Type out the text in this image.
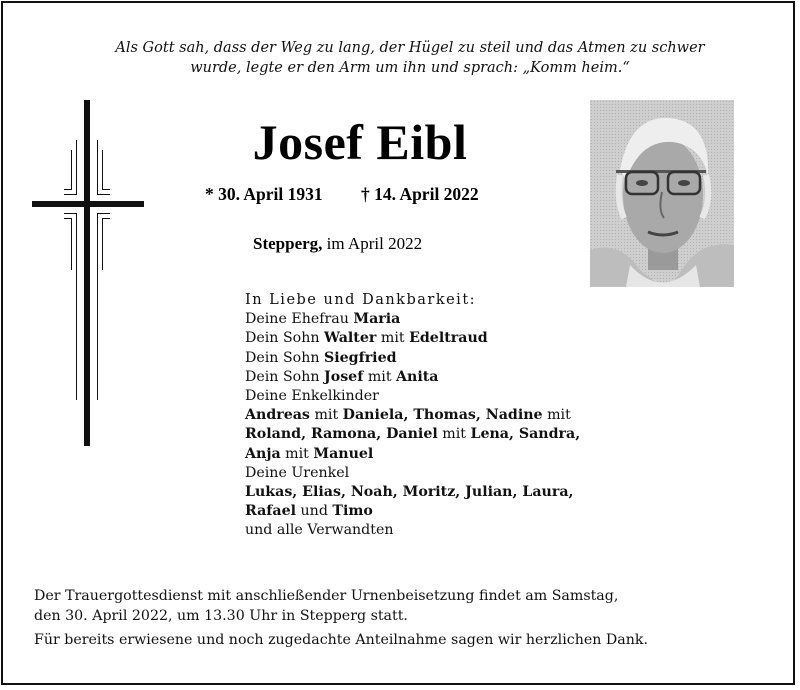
Als Gott sah, dass der Weg zu lang, der Hügel zu steil und das Atmen zu schwer
wurde, legte er den Arm um ihn und sprach: „Komm heim.“
Josef Eibl
* 30. April 1931 † 14. April 2022
Stepperg, im April 2022
In Liebe und Dankbarkeit:
Deine Ehefrau Maria
Dein Sohn Walter mit Edeltraud
Dein Sohn Siegfried
Dein Sohn Josef mit Anita
Deine Enkelkinder
Andreas mit Daniela, Thomas, Nadine mit
Roland, Ramona, Daniel mit Lena, Sandra,
Anja mit Manuel
Deine Urenkel
Lukas, Elias, Noah, Moritz, Julian, Laura,
Rafael und Timo
und alle Verwandten
Der Trauergottesdienst mit anschließender Urnenbeisetzung findet am Samstag,
den 30. April 2022, um 13.30 Uhr in Stepperg statt.
Für bereits erwiesene und noch zugedachte Anteilnahme sagen wir herzlichen Dank.
